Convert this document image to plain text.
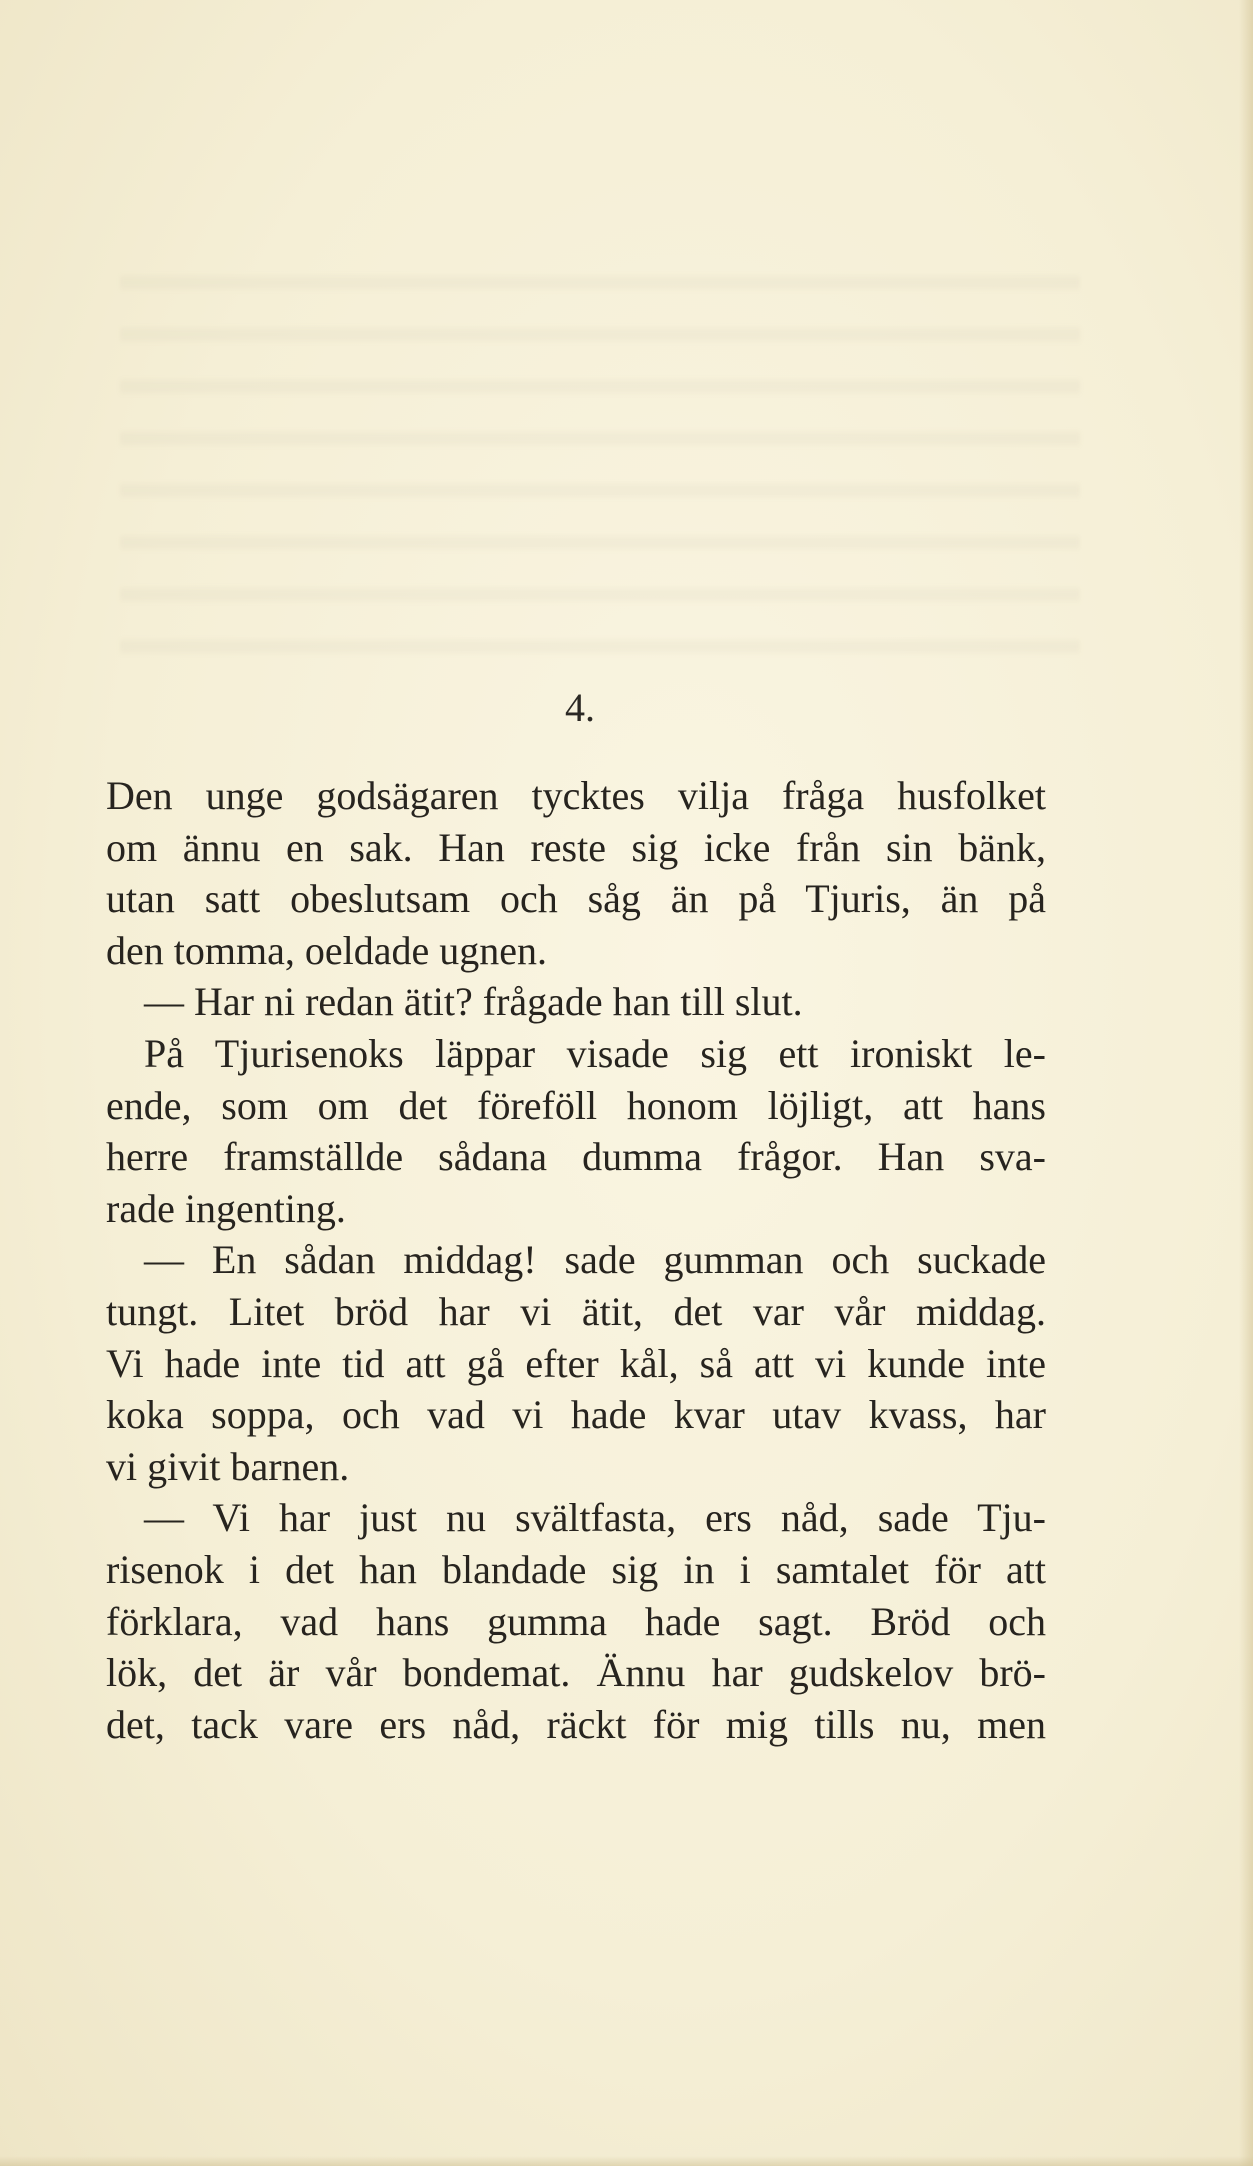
4.
Den unge godsägaren tycktes vilja fråga husfolket
om ännu en sak. Han reste sig icke från sin bänk,
utan satt obeslutsam och såg än på Tjuris, än på
den tomma, oeldade ugnen.
— Har ni redan ätit? frågade han till slut.
På Tjurisenoks läppar visade sig ett ironiskt le-
ende, som om det föreföll honom löjligt, att hans
herre framställde sådana dumma frågor. Han sva-
rade ingenting.
— En sådan middag! sade gumman och suckade
tungt. Litet bröd har vi ätit, det var vår middag.
Vi hade inte tid att gå efter kål, så att vi kunde inte
koka soppa, och vad vi hade kvar utav kvass, har
vi givit barnen.
— Vi har just nu svältfasta, ers nåd, sade Tju-
risenok i det han blandade sig in i samtalet för att
förklara, vad hans gumma hade sagt. Bröd och
lök, det är vår bondemat. Ännu har gudskelov brö-
det, tack vare ers nåd, räckt för mig tills nu, men
